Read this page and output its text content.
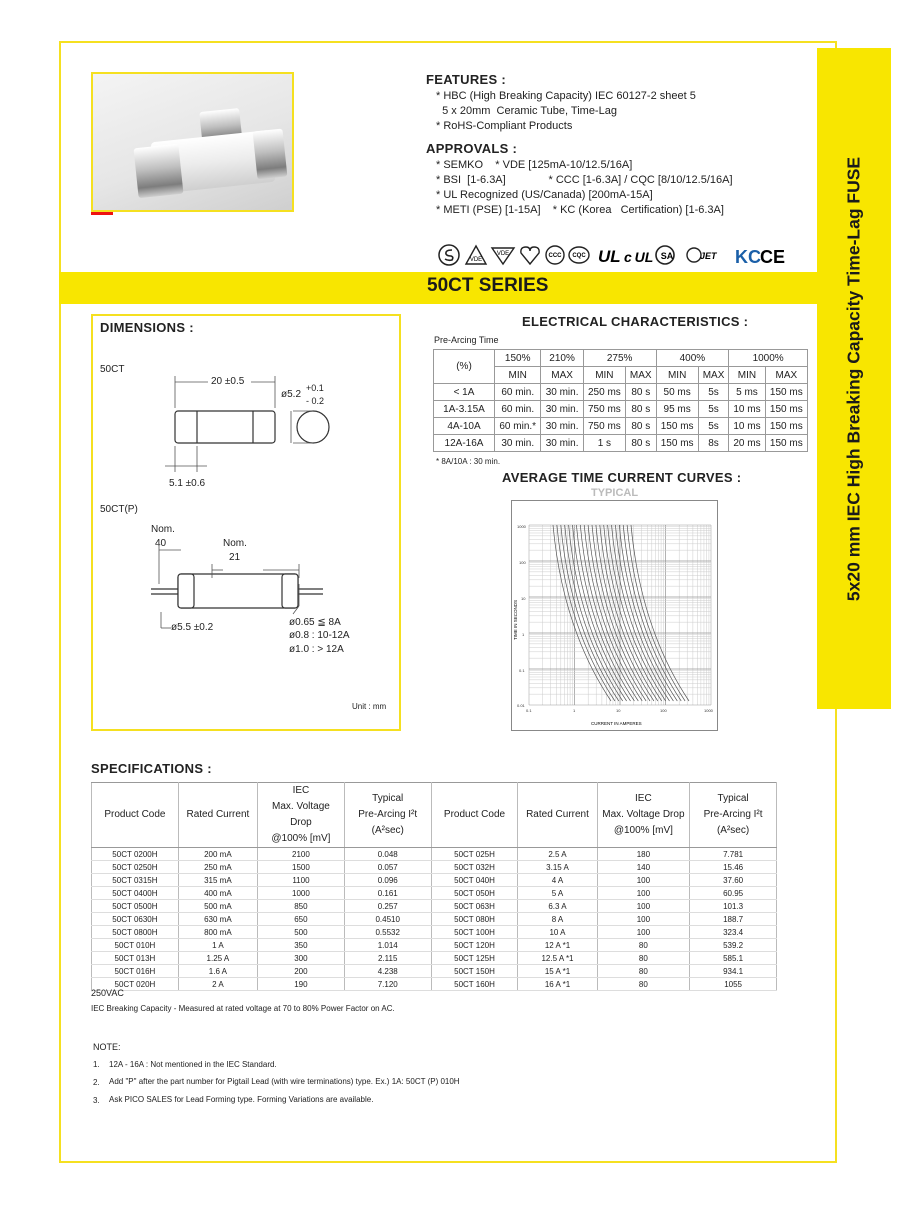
5x20 mm IEC High Breaking Capacity Time-Lag FUSE
FEATURES :
* HBC (High Breaking Capacity) IEC 60127-2 sheet 5
5 x 20mm  Ceramic Tube, Time-Lag
* RoHS-Compliant Products
APPROVALS :
* SEMKO    * VDE [125mA-10/12.5/16A]
* BSI  [1-6.3A]              * CCC [1-6.3A] / CQC [8/10/12.5/16A]
* UL Recognized (US/Canada) [200mA-15A]
* METI (PSE) [1-15A]    * KC (Korea   Certification) [1-6.3A]
VDE
VDE	CCC CQC UL c UL SA	JET KC CE
50CT SERIES
DIMENSIONS :
50CT
20 ±0.5
ø5.2
+0.1
- 0.2
5.1 ±0.6
50CT(P)
Nom.
40	Nom.
21
ø5.5 ±0.2	ø0.65 ≦ 8A
ø0.8 : 10-12A
ø1.0 : > 12A
Unit : mm
ELECTRICAL CHARACTERISTICS :
Pre-Arcing Time
(%)	150%	210%	275%		400%		1000%	
	MIN	MAX	MIN	MAX	MIN	MAX	MIN	MAX
< 1A	60 min.	30 min.	250 ms	80 s	50 ms	5s	5 ms	150 ms
1A-3.15A	60 min.	30 min.	750 ms	80 s	95 ms	5s	10 ms	150 ms
4A-10A	60 min.*	30 min.	750 ms	80 s	150 ms	5s	10 ms	150 ms
12A-16A	30 min.	30 min.	1 s	80 s	150 ms	8s	20 ms	150 ms
* 8A/10A : 30 min.
AVERAGE TIME CURRENT CURVES :
TYPICAL
1000
100
10
1
0.1
0.01
0.1	1	10	100	1000
CURRENT IN AMPERES
TIME IN SECONDS
SPECIFICATIONS :
Product Code	Rated Current	IEC
Max. Voltage Drop
@100% [mV]	Typical
Pre-Arcing I²t
(A²sec)	Product Code	Rated Current	IEC
Max. Voltage Drop
@100% [mV]	Typical
Pre-Arcing I²t
(A²sec)
50CT 0200H	200 mA	2100	0.048	50CT 025H	2.5 A	180	7.781
50CT 0250H	250 mA	1500	0.057	50CT 032H	3.15 A	140	15.46
50CT 0315H	315 mA	1100	0.096	50CT 040H	4 A	100	37.60
50CT 0400H	400 mA	1000	0.161	50CT 050H	5 A	100	60.95
50CT 0500H	500 mA	850	0.257	50CT 063H	6.3 A	100	101.3
50CT 0630H	630 mA	650	0.4510	50CT 080H	8 A	100	188.7
50CT 0800H	800 mA	500	0.5532	50CT 100H	10 A	100	323.4
50CT 010H	1 A	350	1.014	50CT 120H	12 A *1	80	539.2
50CT 013H	1.25 A	300	2.115	50CT 125H	12.5 A *1	80	585.1
50CT 016H	1.6 A	200	4.238	50CT 150H	15 A *1	80	934.1
50CT 020H	2 A	190	7.120	50CT 160H	16 A *1	80	1055
250VAC
IEC Breaking Capacity - Measured at rated voltage at 70 to 80% Power Factor on AC.
NOTE:
1. 12A - 16A : Not mentioned in the IEC Standard.
2. Add "P" after the part number for Pigtail Lead (with wire terminations) type. Ex.) 1A: 50CT (P) 010H
3. Ask PICO SALES for Lead Forming type. Forming Variations are available.
